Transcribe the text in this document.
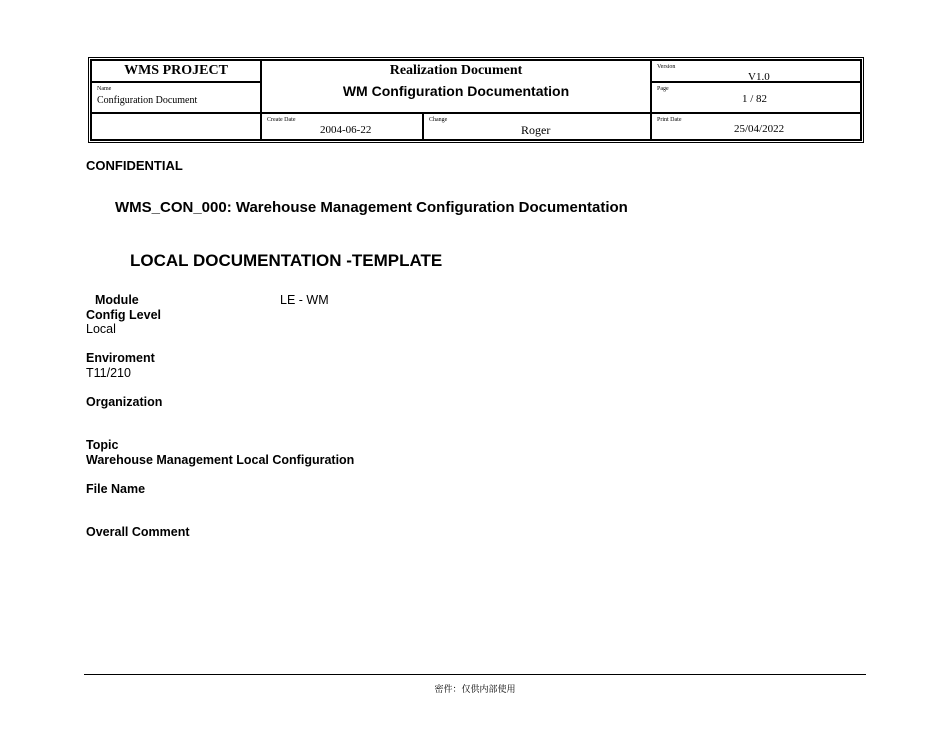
WMS PROJECT
Name
Configuration Document
Realization Document
WM Configuration Documentation
Version
V1.0
Page
1 / 82
Create Date
2004-06-22
Change
Roger
Print Date
25/04/2022
CONFIDENTIAL
WMS_CON_000: Warehouse Management Configuration Documentation
LOCAL DOCUMENTATION -TEMPLATE
Module	LE - WM
Config Level
Local
Enviroment
T11/210
Organization
Topic
Warehouse Management Local Configuration
File Name
Overall Comment
密件：仅供内部使用
